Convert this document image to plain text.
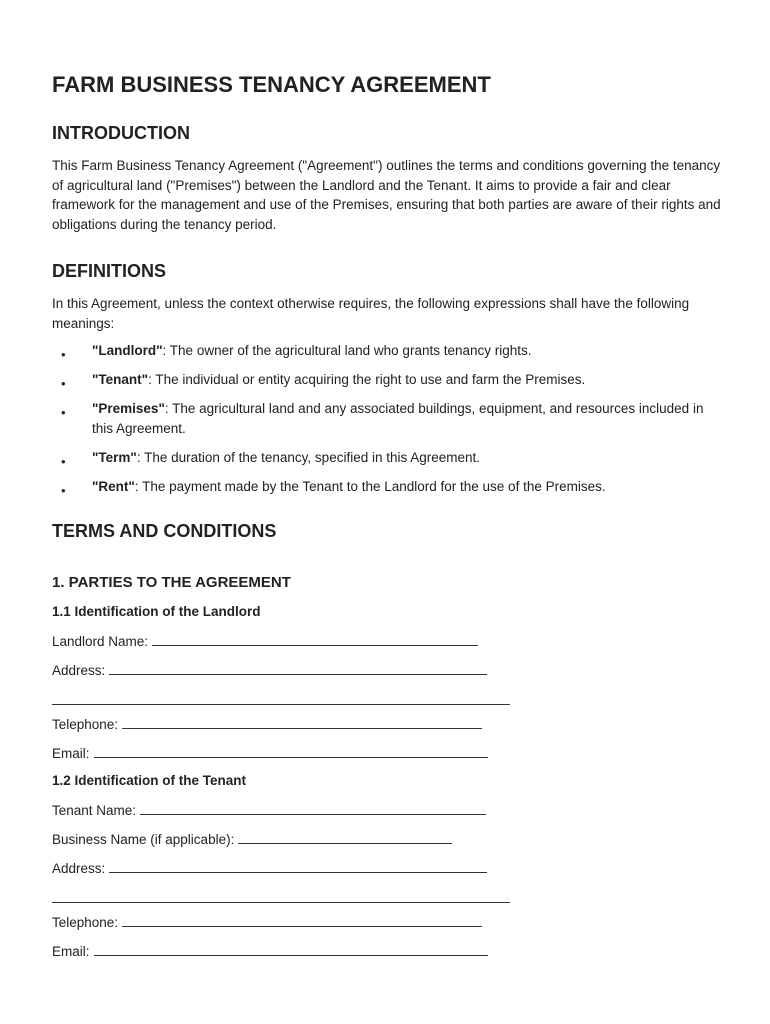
FARM BUSINESS TENANCY AGREEMENT
INTRODUCTION

This Farm Business Tenancy Agreement ("Agreement") outlines the terms and conditions governing the tenancy of agricultural land ("Premises") between the Landlord and the Tenant. It aims to provide a fair and clear framework for the management and use of the Premises, ensuring that both parties are aware of their rights and obligations during the tenancy period.

DEFINITIONS

In this Agreement, unless the context otherwise requires, the following expressions shall have the following meanings:

• "Landlord": The owner of the agricultural land who grants tenancy rights.
• "Tenant": The individual or entity acquiring the right to use and farm the Premises.
• "Premises": The agricultural land and any associated buildings, equipment, and resources included in this Agreement.
• "Term": The duration of the tenancy, specified in this Agreement.
• "Rent": The payment made by the Tenant to the Landlord for the use of the Premises.
TERMS AND CONDITIONS
1. PARTIES TO THE AGREEMENT
1.1 Identification of the Landlord
Landlord Name:
Address:
Telephone:
Email:
1.2 Identification of the Tenant
Tenant Name:
Business Name (if applicable):
Address:
Telephone:
Email:
